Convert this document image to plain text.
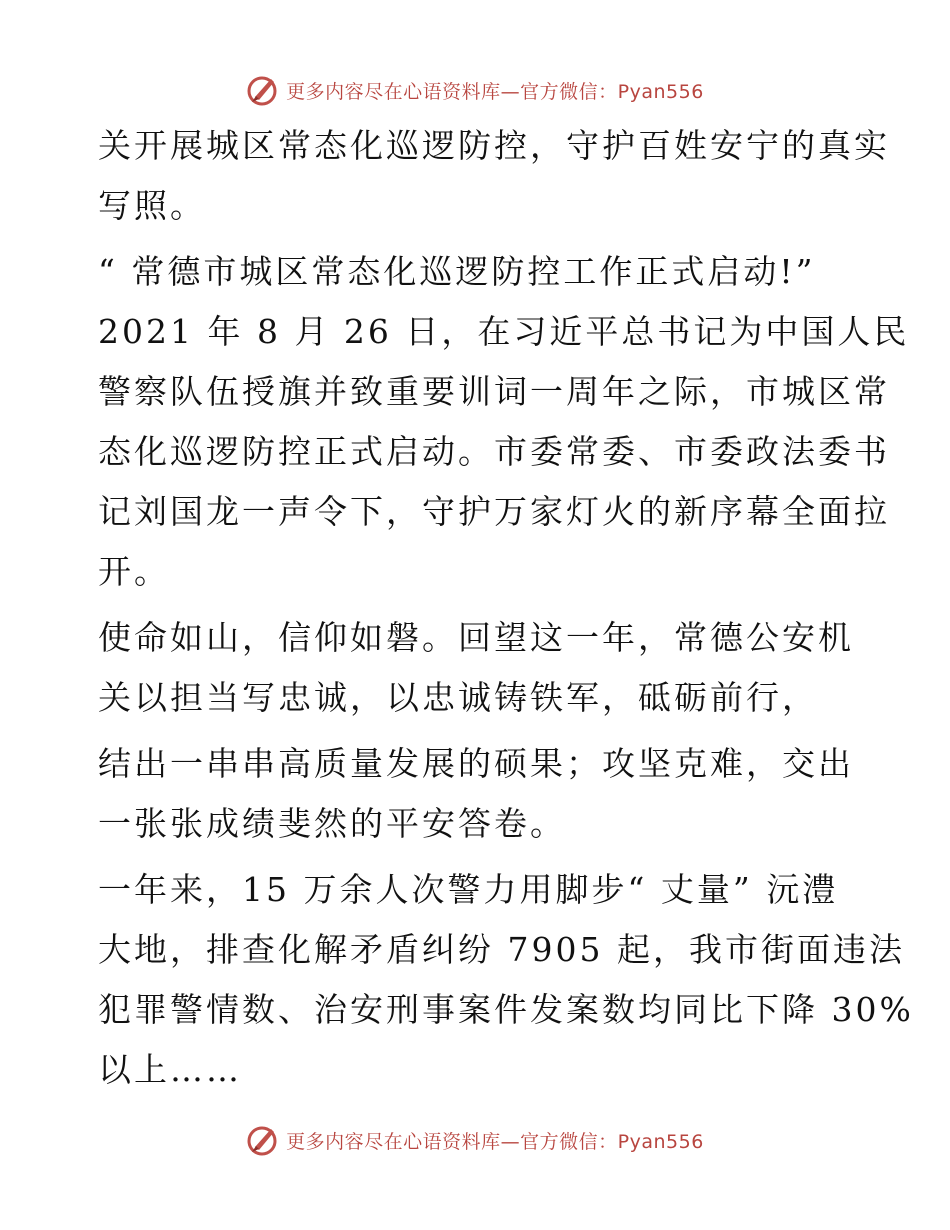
更多内容尽在心语资料库—官方微信：Pyan556
关开展城区常态化巡逻防控，守护百姓安宁的真实
写照。
“ 常德市城区常态化巡逻防控工作正式启动!”
2021 年 8 月 26 日，在习近平总书记为中国人民
警察队伍授旗并致重要训词一周年之际，市城区常
态化巡逻防控正式启动。市委常委、市委政法委书
记刘国龙一声令下，守护万家灯火的新序幕全面拉
开。
使命如山，信仰如磐。回望这一年，常德公安机
关以担当写忠诚，以忠诚铸铁军，砥砺前行，
结出一串串高质量发展的硕果；攻坚克难，交出
一张张成绩斐然的平安答卷。
一年来，15 万余人次警力用脚步“ 丈量” 沅澧
大地，排查化解矛盾纠纷 7905 起，我市街面违法
犯罪警情数、治安刑事案件发案数均同比下降 30%
以上……
更多内容尽在心语资料库—官方微信：Pyan556
